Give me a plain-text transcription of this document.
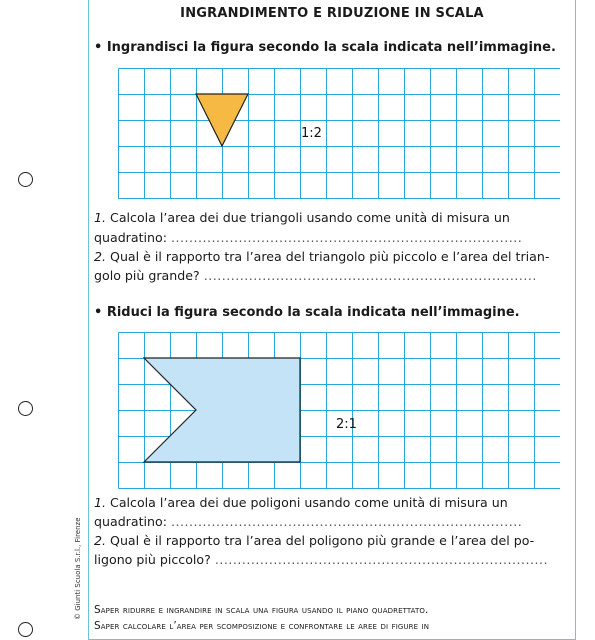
© Giunti Scuola S.r.l., Firenze
INGRANDIMENTO E RIDUZIONE IN SCALA
• Ingrandisci la figura secondo la scala indicata nell’immagine.
1:2
1. Calcola l’area dei due triangoli usando come unità di misura un
quadratino: ..............................................................................
2. Qual è il rapporto tra l’area del triangolo più piccolo e l’area del trian-
golo più grande? ..........................................................................
• Riduci la figura secondo la scala indicata nell’immagine.
2:1
1. Calcola l’area dei due poligoni usando come unità di misura un
quadratino: ..............................................................................
2. Qual è il rapporto tra l’area del poligono più grande e l’area del po-
ligono più piccolo? ..........................................................................
Saper ridurre e ingrandire in scala una figura usando il piano quadrettato.
Saper calcolare l’area per scomposizione e confrontare le aree di figure in
